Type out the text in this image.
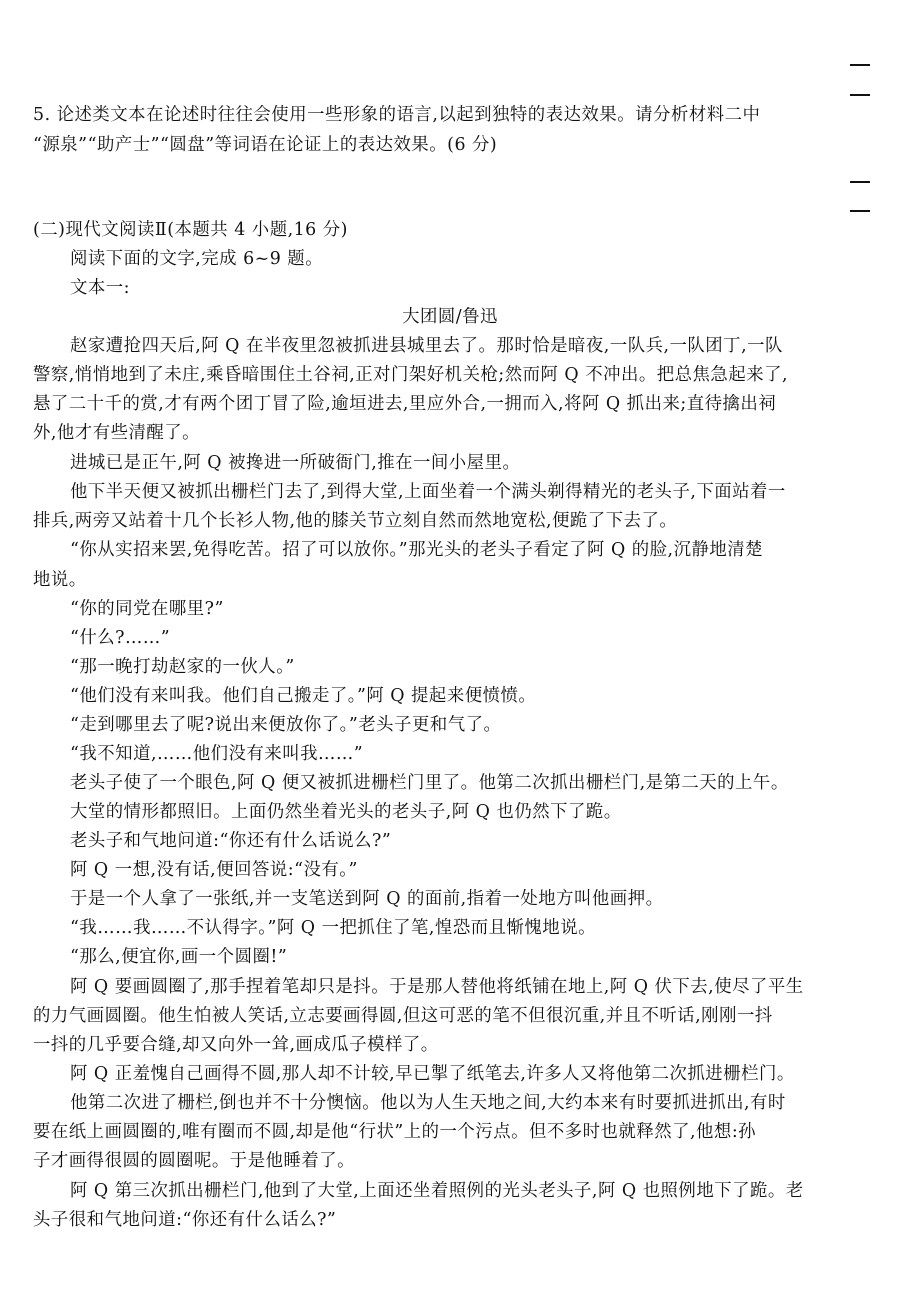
5. 论述类文本在论述时往往会使用一些形象的语言,以起到独特的表达效果。请分析材料二中
“源泉”“助产士”“圆盘”等词语在论证上的表达效果。(6 分)
(二)现代文阅读Ⅱ(本题共 4 小题,16 分)
阅读下面的文字,完成 6~9 题。
文本一:
大团圆/鲁迅
赵家遭抢四天后,阿 Q 在半夜里忽被抓进县城里去了。那时恰是暗夜,一队兵,一队团丁,一队
警察,悄悄地到了未庄,乘昏暗围住土谷祠,正对门架好机关枪;然而阿 Q 不冲出。把总焦急起来了,
悬了二十千的赏,才有两个团丁冒了险,逾垣进去,里应外合,一拥而入,将阿 Q 抓出来;直待擒出祠
外,他才有些清醒了。
进城已是正午,阿 Q 被搀进一所破衙门,推在一间小屋里。
他下半天便又被抓出栅栏门去了,到得大堂,上面坐着一个满头剃得精光的老头子,下面站着一
排兵,两旁又站着十几个长衫人物,他的膝关节立刻自然而然地宽松,便跪了下去了。
“你从实招来罢,免得吃苦。招了可以放你。”那光头的老头子看定了阿 Q 的脸,沉静地清楚
地说。
“你的同党在哪里?”
“什么?……”
“那一晚打劫赵家的一伙人。”
“他们没有来叫我。他们自己搬走了。”阿 Q 提起来便愤愤。
“走到哪里去了呢?说出来便放你了。”老头子更和气了。
“我不知道,……他们没有来叫我……”
老头子使了一个眼色,阿 Q 便又被抓进栅栏门里了。他第二次抓出栅栏门,是第二天的上午。
大堂的情形都照旧。上面仍然坐着光头的老头子,阿 Q 也仍然下了跪。
老头子和气地问道:“你还有什么话说么?”
阿 Q 一想,没有话,便回答说:“没有。”
于是一个人拿了一张纸,并一支笔送到阿 Q 的面前,指着一处地方叫他画押。
“我……我……不认得字。”阿 Q 一把抓住了笔,惶恐而且惭愧地说。
“那么,便宜你,画一个圆圈!”
阿 Q 要画圆圈了,那手捏着笔却只是抖。于是那人替他将纸铺在地上,阿 Q 伏下去,使尽了平生
的力气画圆圈。他生怕被人笑话,立志要画得圆,但这可恶的笔不但很沉重,并且不听话,刚刚一抖
一抖的几乎要合缝,却又向外一耸,画成瓜子模样了。
阿 Q 正羞愧自己画得不圆,那人却不计较,早已掣了纸笔去,许多人又将他第二次抓进栅栏门。
他第二次进了栅栏,倒也并不十分懊恼。他以为人生天地之间,大约本来有时要抓进抓出,有时
要在纸上画圆圈的,唯有圈而不圆,却是他“行状”上的一个污点。但不多时也就释然了,他想:孙
子才画得很圆的圆圈呢。于是他睡着了。
阿 Q 第三次抓出栅栏门,他到了大堂,上面还坐着照例的光头老头子,阿 Q 也照例地下了跪。老
头子很和气地问道:“你还有什么话么?”
